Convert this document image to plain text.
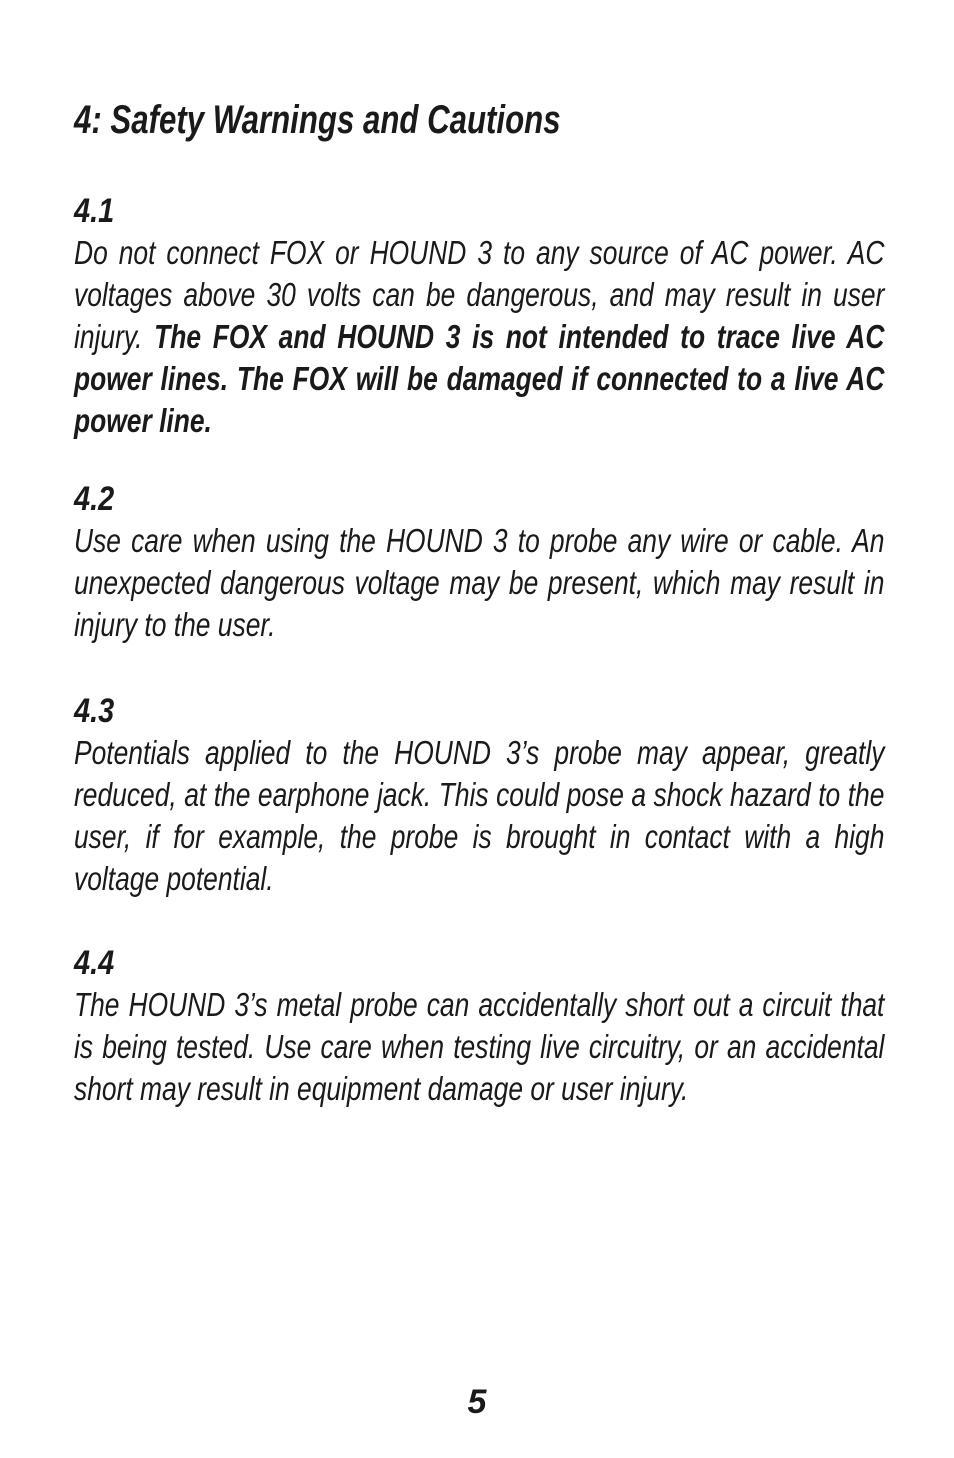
4: Safety Warnings and Cautions
4.1
Do not connect FOX or HOUND 3 to any source of AC power. AC voltages above 30 volts can be dangerous, and may result in user injury. The FOX and HOUND 3 is not intended to trace live AC power lines. The FOX will be damaged if connected to a live AC power line.
4.2
Use care when using the HOUND 3 to probe any wire or cable. An unexpected dangerous voltage may be present, which may result in injury to the user.
4.3
Potentials applied to the HOUND 3’s probe may appear, greatly reduced, at the earphone jack. This could pose a shock hazard to the user, if for example, the probe is brought in contact with a high voltage potential.
4.4
The HOUND 3’s metal probe can accidentally short out a circuit that is being tested. Use care when testing live circuitry, or an accidental short may result in equipment damage or user injury.
5
